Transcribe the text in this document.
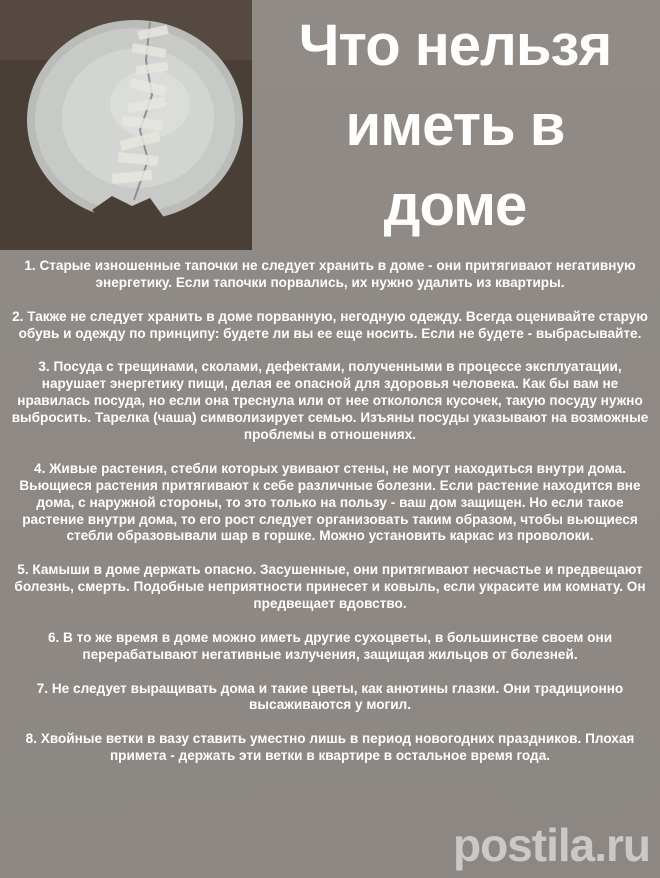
Что нельзя
иметь в
доме

1. Старые изношенные тапочки не следует хранить в доме - они притягивают негативную энергетику. Если тапочки порвались, их нужно удалить из квартиры.

2. Также не следует хранить в доме порванную, негодную одежду. Всегда оценивайте старую обувь и одежду по принципу: будете ли вы ее еще носить. Если не будете - выбрасывайте.

3. Посуда с трещинами, сколами, дефектами, полученными в процессе эксплуатации, нарушает энергетику пищи, делая ее опасной для здоровья человека. Как бы вам не нравилась посуда, но если она треснула или от нее откололся кусочек, такую посуду нужно выбросить. Тарелка (чаша) символизирует семью. Изъяны посуды указывают на возможные проблемы в отношениях.

4. Живые растения, стебли которых увивают стены, не могут находиться внутри дома. Вьющиеся растения притягивают к себе различные болезни. Если растение находится вне дома, с наружной стороны, то это только на пользу - ваш дом защищен. Но если такое растение внутри дома, то его рост следует организовать таким образом, чтобы вьющиеся стебли образовывали шар в горшке. Можно установить каркас из проволоки.

5. Камыши в доме держать опасно. Засушенные, они притягивают несчастье и предвещают болезнь, смерть. Подобные неприятности принесет и ковыль, если украсите им комнату. Он предвещает вдовство.

6. В то же время в доме можно иметь другие сухоцветы, в большинстве своем они перерабатывают негативные излучения, защищая жильцов от болезней.

7. Не следует выращивать дома и такие цветы, как анютины глазки. Они традиционно высаживаются у могил.

8. Хвойные ветки в вазу ставить уместно лишь в период новогодних праздников. Плохая примета - держать эти ветки в квартире в остальное время года.

postila.ru
